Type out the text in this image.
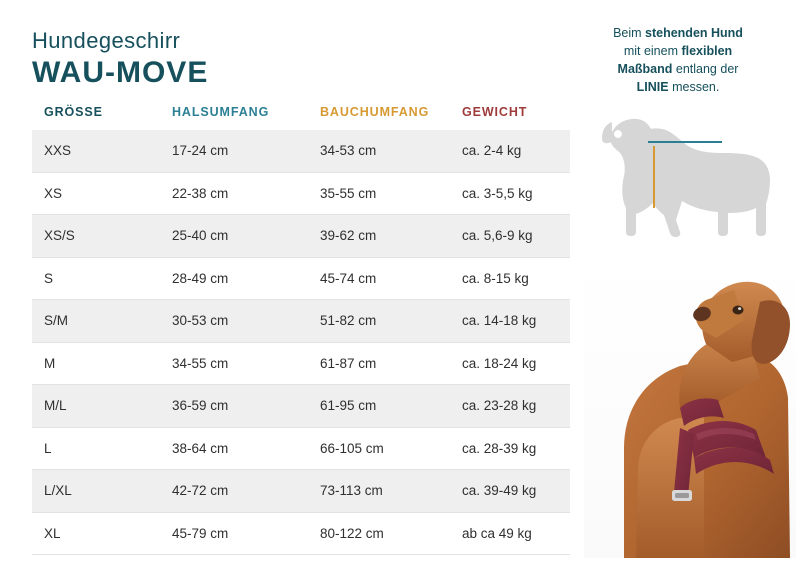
Hundegeschirr
WAU-MOVE
GRÖSSE	HALSUMFANG	BAUCHUMFANG	GEWICHT
XXS	17-24 cm	34-53 cm	ca. 2-4 kg
XS	22-38 cm	35-55 cm	ca. 3-5,5 kg
XS/S	25-40 cm	39-62 cm	ca. 5,6-9 kg
S	28-49 cm	45-74 cm	ca. 8-15 kg
S/M	30-53 cm	51-82 cm	ca. 14-18 kg
M	34-55 cm	61-87 cm	ca. 18-24 kg
M/L	36-59 cm	61-95 cm	ca. 23-28 kg
L	38-64 cm	66-105 cm	ca. 28-39 kg
L/XL	42-72 cm	73-113 cm	ca. 39-49 kg
XL	45-79 cm	80-122 cm	ab ca 49 kg
Beim stehenden Hund
mit einem flexiblen
Maßband entlang der
LINIE messen.
